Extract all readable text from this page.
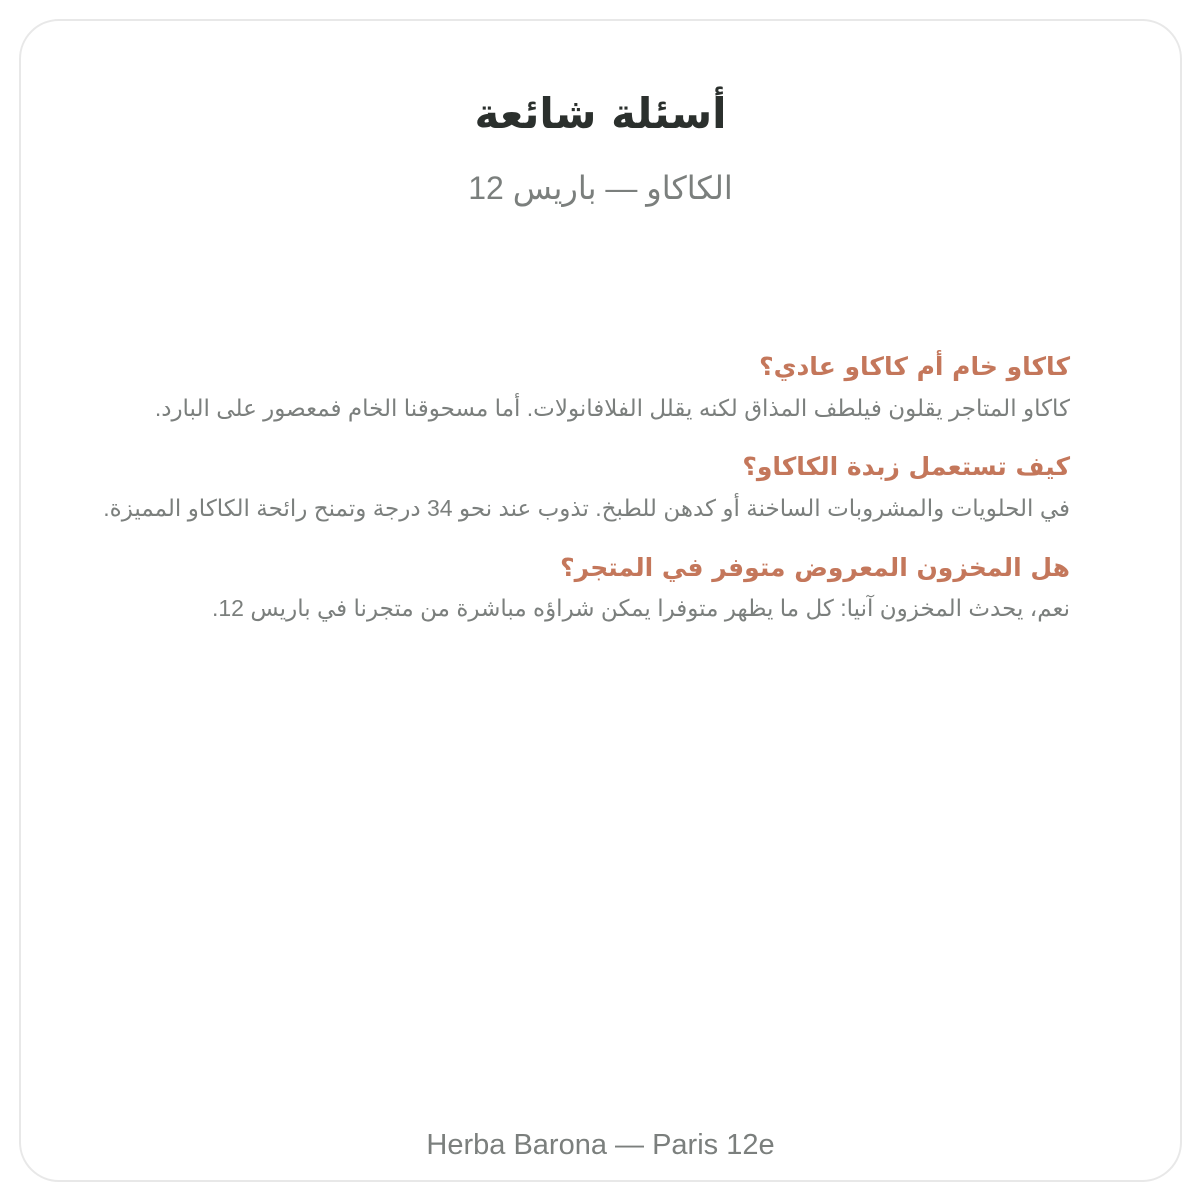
أسئلة شائعة

الكاكاو — باريس 12

كاكاو خام أم كاكاو عادي؟

كاكاو المتاجر يقلون فيلطف المذاق لكنه يقلل الفلافانولات. أما مسحوقنا الخام فمعصور على البارد.

كيف تستعمل زبدة الكاكاو؟

في الحلويات والمشروبات الساخنة أو كدهن للطبخ. تذوب عند نحو 34 درجة وتمنح رائحة الكاكاو المميزة.

هل المخزون المعروض متوفر في المتجر؟

نعم، يحدث المخزون آنيا: كل ما يظهر متوفرا يمكن شراؤه مباشرة من متجرنا في باريس 12.

Herba Barona — Paris 12e
